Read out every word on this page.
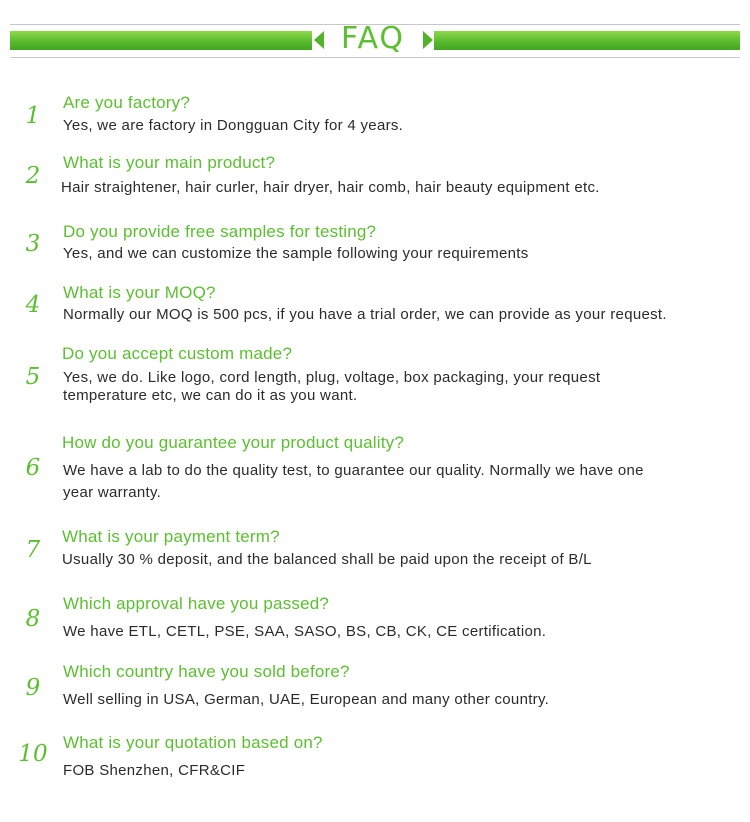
FAQ
1
Are you factory?
Yes, we are factory in Dongguan City for 4 years.
2
What is your main product?
Hair straightener, hair curler, hair dryer, hair comb, hair beauty equipment etc.
3	Do you provide free samples for testing?
Yes, and we can customize the sample following your requirements
4	What is your MOQ?
Normally our MOQ is 500 pcs, if you have a trial order, we can provide as your request.
5
Do you accept custom made?
Yes, we do. Like logo, cord length, plug, voltage, box packaging, your request
temperature etc, we can do it as you want.
6
How do you guarantee your product quality?
We have a lab to do the quality test, to guarantee our quality. Normally we have one
year warranty.
7
What is your payment term?
Usually 30 % deposit, and the balanced shall be paid upon the receipt of B/L
8
Which approval have you passed?
We have ETL, CETL, PSE, SAA, SASO, BS, CB, CK, CE certification.
9
Which country have you sold before?
Well selling in USA, German, UAE, European and many other country.
10 What is your quotation based on?
FOB Shenzhen, CFR&CIF
